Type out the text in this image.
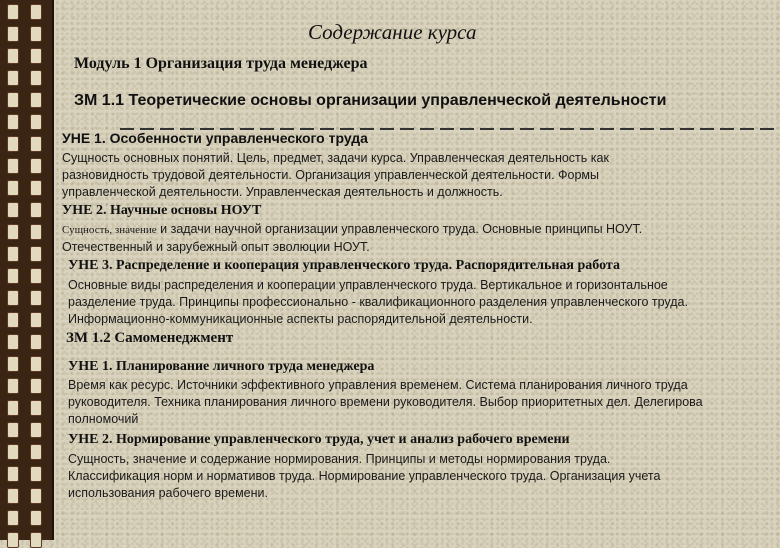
Содержание курса
Модуль 1 Организация труда менеджера
ЗМ 1.1 Теоретические основы организации управленческой деятельности
УНЕ 1. Особенности управленческого труда
Сущность основных понятий. Цель, предмет, задачи курса. Управленческая деятельность как
разновидность трудовой деятельности. Организация управленческой деятельности. Формы
управленческой деятельности. Управленческая деятельность и должность.
УНЕ 2. Научные основы НОУТ
Сущность, значение и задачи научной организации управленческого труда. Основные принципы НОУТ.
Отечественный и зарубежный опыт эволюции НОУТ.
УНЕ 3. Распределение и кооперация управленческого труда. Распорядительная работа
Основные виды распределения и кооперации управленческого труда. Вертикальное и горизонтальное
разделение труда. Принципы профессионально - квалификационного разделения управленческого труда.
Информационно-коммуникационные аспекты распорядительной деятельности.
ЗМ 1.2 Самоменеджмент
УНЕ 1. Планирование личного труда менеджера
Время как ресурс. Источники эффективного управления временем. Система планирования личного труда
руководителя. Техника планирования личного времени руководителя. Выбор приоритетных дел. Делегирова
полномочий
УНЕ 2. Нормирование управленческого труда, учет и анализ рабочего времени
Сущность, значение и содержание нормирования. Принципы и методы нормирования труда.
Классификация норм и нормативов труда. Нормирование управленческого труда. Организация учета
использования рабочего времени.
